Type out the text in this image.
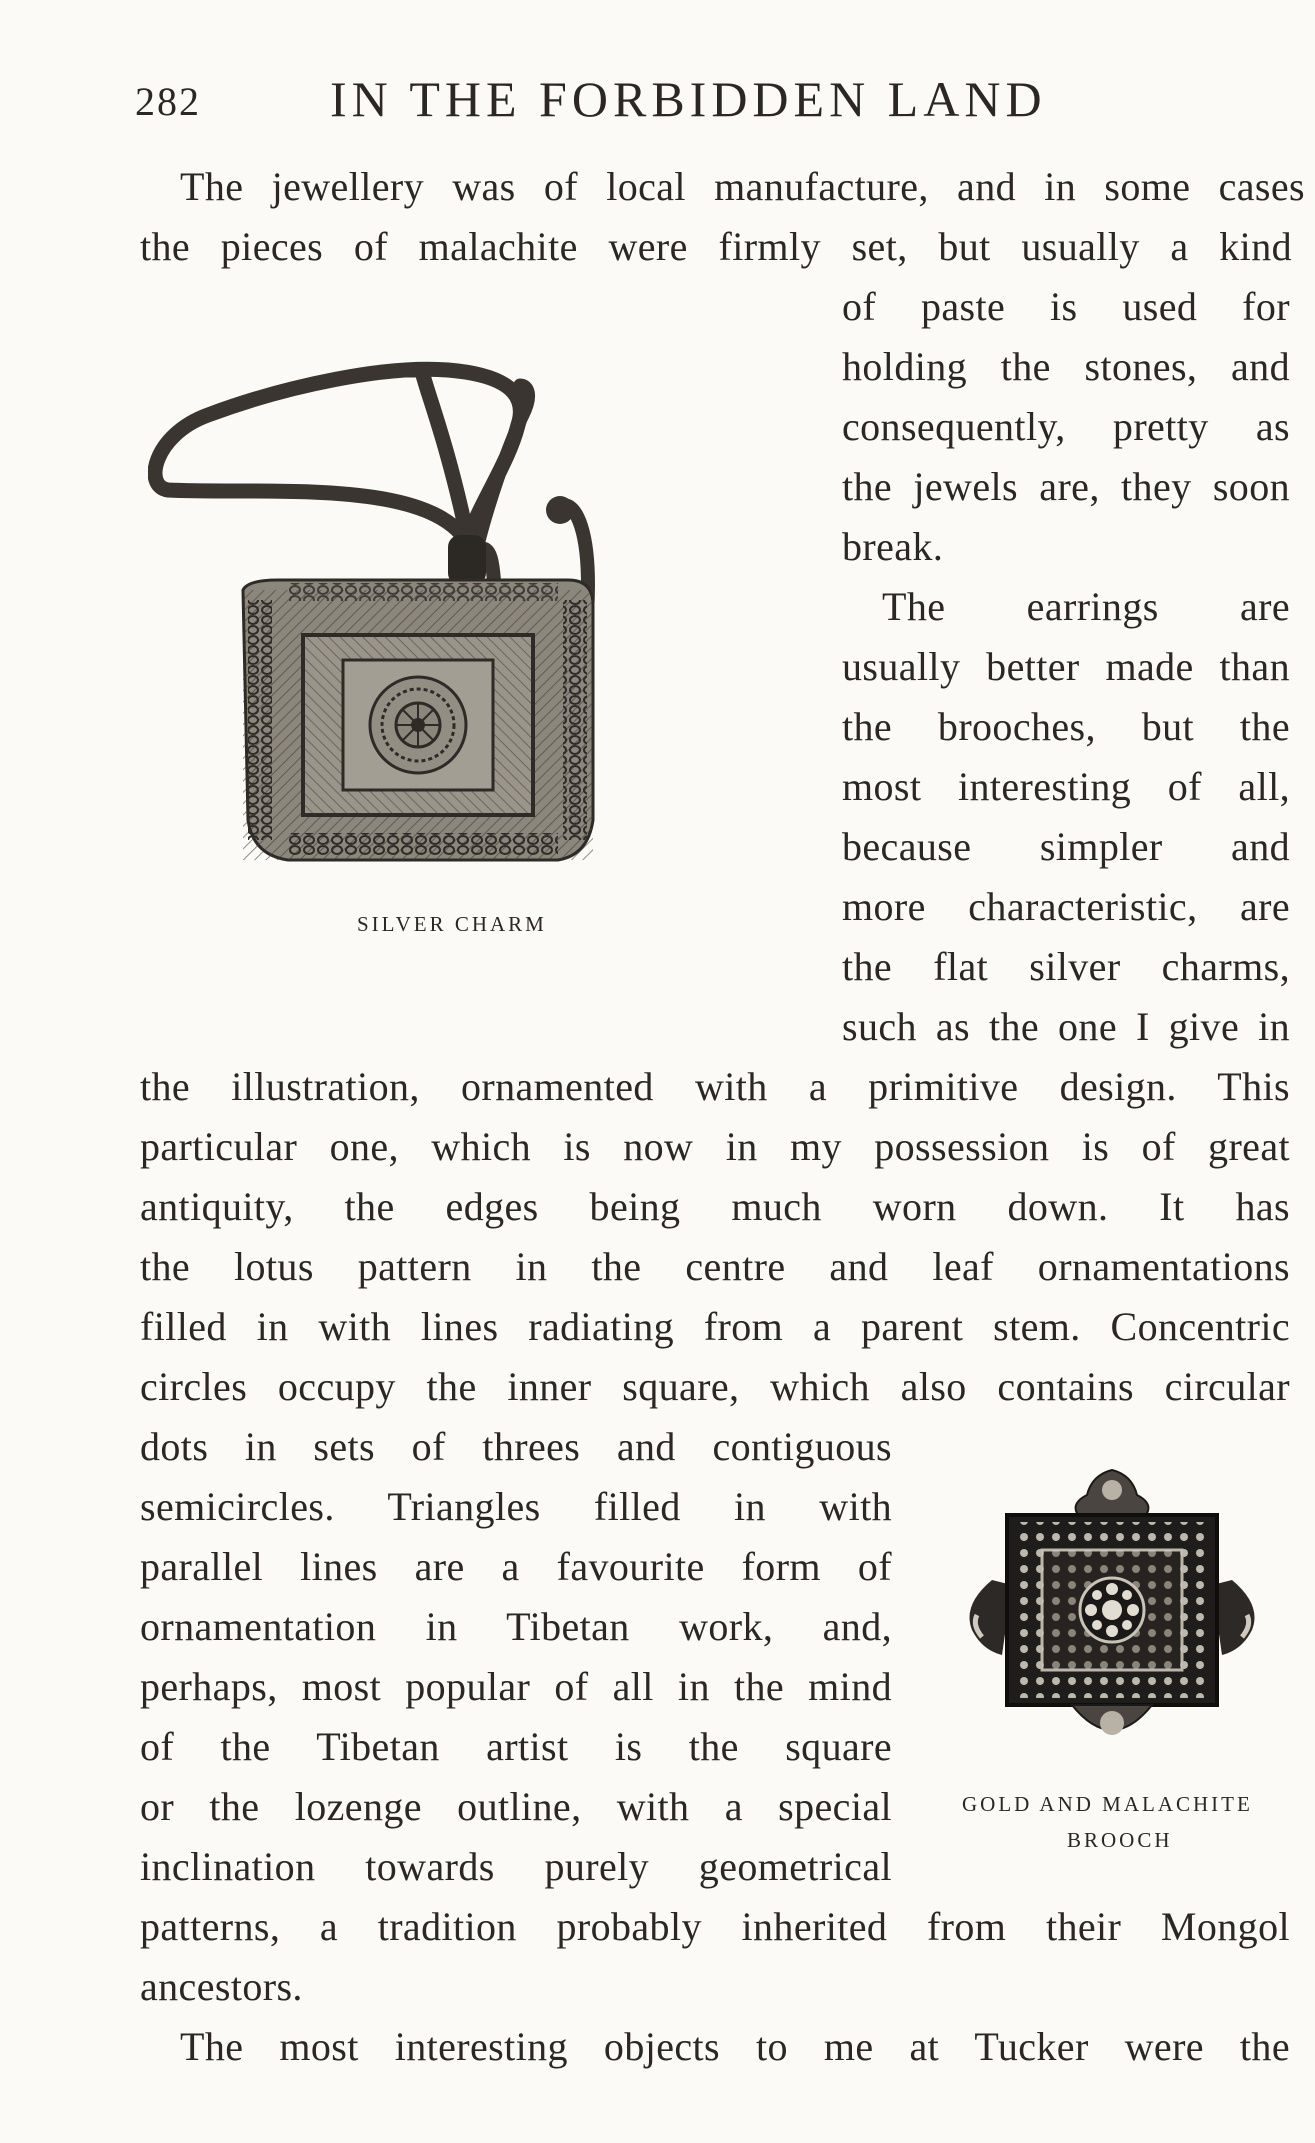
282	IN THE FORBIDDEN LAND
SILVER CHARM
GOLD AND MALACHITE
BROOCH
The jewellery was of local manufacture, and in some cases
the pieces of malachite were firmly set, but usually a kind
of paste is used for
holding the stones, and
consequently, pretty as
the jewels are, they soon
break.
The earrings are
usually better made than
the brooches, but the
most interesting of all,
because simpler and
more characteristic, are
the flat silver charms,
such as the one I give in
the illustration, ornamented with a primitive design. This
particular one, which is now in my possession is of great
antiquity, the edges being much worn down. It has
the lotus pattern in the centre and leaf ornamentations
filled in with lines radiating from a parent stem. Concentric
circles occupy the inner square, which also contains circular
dots in sets of threes and contiguous
semicircles. Triangles filled in with
parallel lines are a favourite form of
ornamentation in Tibetan work, and,
perhaps, most popular of all in the mind
of the Tibetan artist is the square
or the lozenge outline, with a special
inclination towards purely geometrical
patterns, a tradition probably inherited from their Mongol
ancestors.
The most interesting objects to me at Tucker were the
